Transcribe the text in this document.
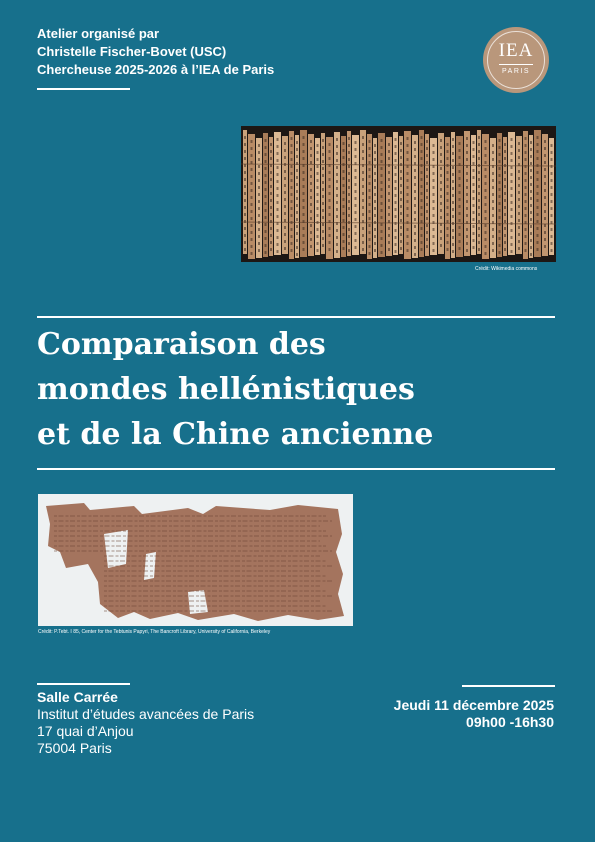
Atelier organisé par
Christelle Fischer-Bovet (USC)
Chercheuse 2025-2026 à l’IEA de Paris
IEA
PARIS
Crédit: Wikimedia commons
Comparaison des
mondes hellénistiques
et de la Chine ancienne
Crédit: P.Tebt. I 85, Center for the Tebtunis Papyri, The Bancroft Library, University of California, Berkeley
Salle Carrée
Institut d’études avancées de Paris
17 quai d’Anjou
75004 Paris
Jeudi 11 décembre 2025
09h00 -16h30
